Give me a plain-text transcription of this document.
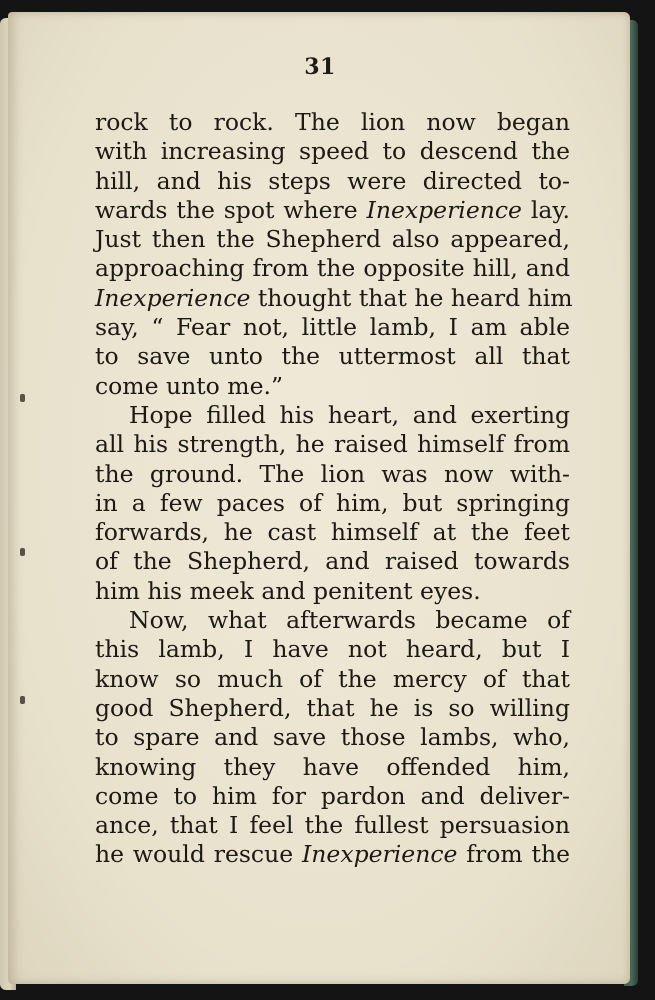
31
rock to rock. The lion now began
with increasing speed to descend the
hill, and his steps were directed to-
wards the spot where Inexperience lay.
Just then the Shepherd also appeared,
approaching from the opposite hill, and
Inexperience thought that he heard him
say, “ Fear not, little lamb, I am able
to save unto the uttermost all that
come unto me.”
Hope filled his heart, and exerting
all his strength, he raised himself from
the ground. The lion was now with-
in a few paces of him, but springing
forwards, he cast himself at the feet
of the Shepherd, and raised towards
him his meek and penitent eyes.
Now, what afterwards became of
this lamb, I have not heard, but I
know so much of the mercy of that
good Shepherd, that he is so willing
to spare and save those lambs, who,
knowing they have offended him,
come to him for pardon and deliver-
ance, that I feel the fullest persuasion
he would rescue Inexperience from the
